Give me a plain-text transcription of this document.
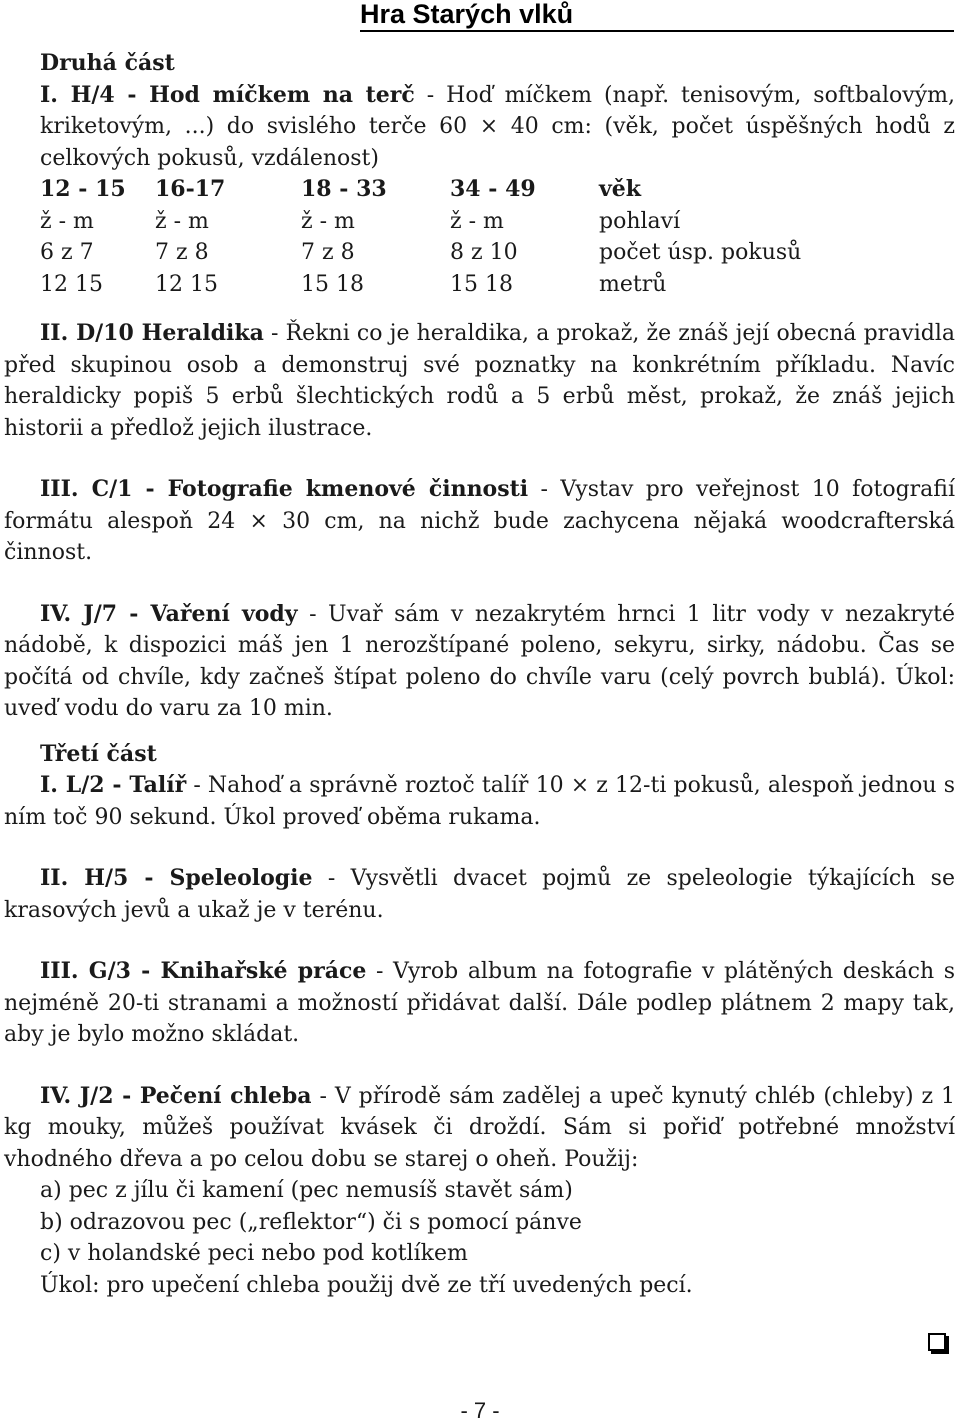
Hra Starých vlků

Druhá část

I. H/4 - Hod míčkem na terč - Hoď míčkem (např. tenisovým, softbalovým, kriketovým, ...) do svislého terče 60 × 40 cm: (věk, počet úspěšných hodů z celkových pokusů, vzdálenost)

12 - 15	16-17	18 - 33	34 - 49	věk
ž - m	ž - m	ž - m	ž - m	pohlaví
6 z 7	7 z 8	7 z 8	8 z 10	počet úsp. pokusů
12 15	12 15	15 18	15 18	metrů

II. D/10 Heraldika - Řekni co je heraldika, a prokaž, že znáš její obecná pravidla před skupinou osob a demonstruj své poznatky na konkrétním příkladu. Navíc heraldicky popiš 5 erbů šlechtických rodů a 5 erbů měst, prokaž, že znáš jejich historii a předlož jejich ilustrace.

III. C/1 - Fotografie kmenové činnosti - Vystav pro veřejnost 10 fotografií formátu alespoň 24 × 30 cm, na nichž bude zachycena nějaká woodcrafterská činnost.

IV. J/7 - Vaření vody - Uvař sám v nezakrytém hrnci 1 litr vody v nezakryté nádobě, k dispozici máš jen 1 nerozštípané poleno, sekyru, sirky, nádobu. Čas se počítá od chvíle, kdy začneš štípat poleno do chvíle varu (celý povrch bublá). Úkol: uveď vodu do varu za 10 min.

Třetí část

I. L/2 - Talíř - Nahoď a správně roztoč talíř 10 × z 12-ti pokusů, alespoň jednou s ním toč 90 sekund. Úkol proveď oběma rukama.

II. H/5 - Speleologie - Vysvětli dvacet pojmů ze speleologie týkajících se krasových jevů a ukaž je v terénu.

III. G/3 - Knihařské práce - Vyrob album na fotografie v plátěných deskách s nejméně 20-ti stranami a možností přidávat další. Dále podlep plátnem 2 mapy tak, aby je bylo možno skládat.

IV. J/2 - Pečení chleba - V přírodě sám zadělej a upeč kynutý chléb (chleby) z 1 kg mouky, můžeš používat kvásek či droždí. Sám si pořiď potřebné množství vhodného dřeva a po celou dobu se starej o oheň. Použij:

a) pec z jílu či kamení (pec nemusíš stavět sám)

b) odrazovou pec („reflektor“) či s pomocí pánve

c) v holandské peci nebo pod kotlíkem

Úkol: pro upečení chleba použij dvě ze tří uvedených pecí.

- 7 -
